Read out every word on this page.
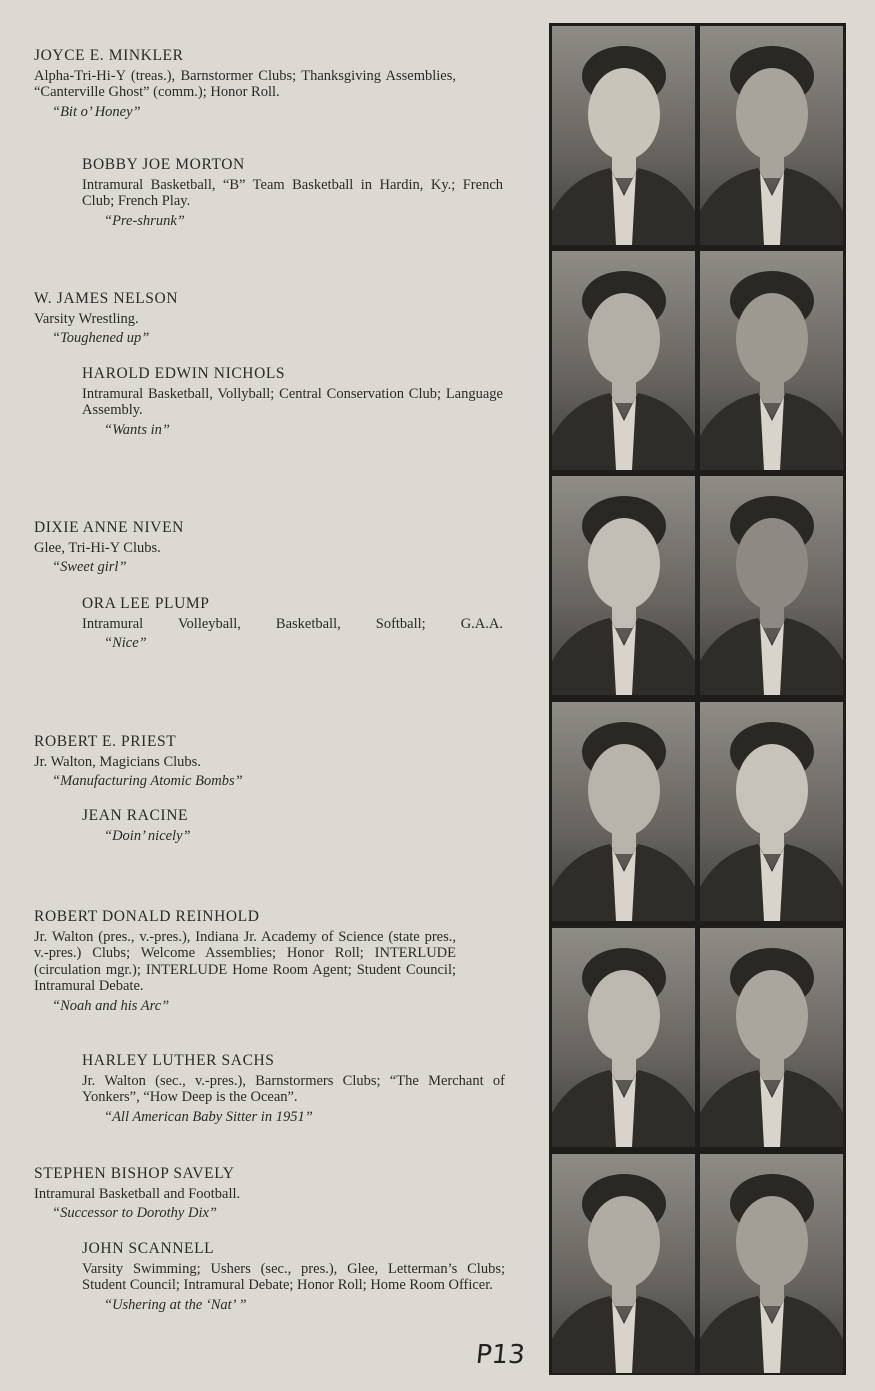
JOYCE E. MINKLER
Alpha-Tri-Hi-Y (treas.), Barnstormer Clubs; Thanksgiving Assemblies, “Canterville Ghost” (comm.); Honor Roll.
“Bit o’ Honey”
BOBBY JOE MORTON
Intramural Basketball, “B” Team Basketball in Hardin, Ky.; French Club; French Play.
“Pre-shrunk”
W. JAMES NELSON
Varsity Wrestling.
“Toughened up”
HAROLD EDWIN NICHOLS
Intramural Basketball, Vollyball; Central Conservation Club; Language Assembly.
“Wants in”
DIXIE ANNE NIVEN
Glee, Tri-Hi-Y Clubs.
“Sweet girl”
ORA LEE PLUMP
Intramural Volleyball, Basketball, Softball; G.A.A.
“Nice”
ROBERT E. PRIEST
Jr. Walton, Magicians Clubs.
“Manufacturing Atomic Bombs”
JEAN RACINE
“Doin’ nicely”
ROBERT DONALD REINHOLD
Jr. Walton (pres., v.-pres.), Indiana Jr. Academy of Science (state pres., v.-pres.) Clubs; Welcome Assemblies; Honor Roll; INTERLUDE (circulation mgr.); INTERLUDE Home Room Agent; Student Council; Intramural Debate.
“Noah and his Arc”
HARLEY LUTHER SACHS
Jr. Walton (sec., v.-pres.), Barnstormers Clubs; “The Merchant of Yonkers”, “How Deep is the Ocean”.
“All American Baby Sitter in 1951”
STEPHEN BISHOP SAVELY
Intramural Basketball and Football.
“Successor to Dorothy Dix”
JOHN SCANNELL
Varsity Swimming; Ushers (sec., pres.), Glee, Letterman’s Clubs; Student Council; Intramural Debate; Honor Roll; Home Room Officer.
“Ushering at the ‘Nat’ ”
P13
